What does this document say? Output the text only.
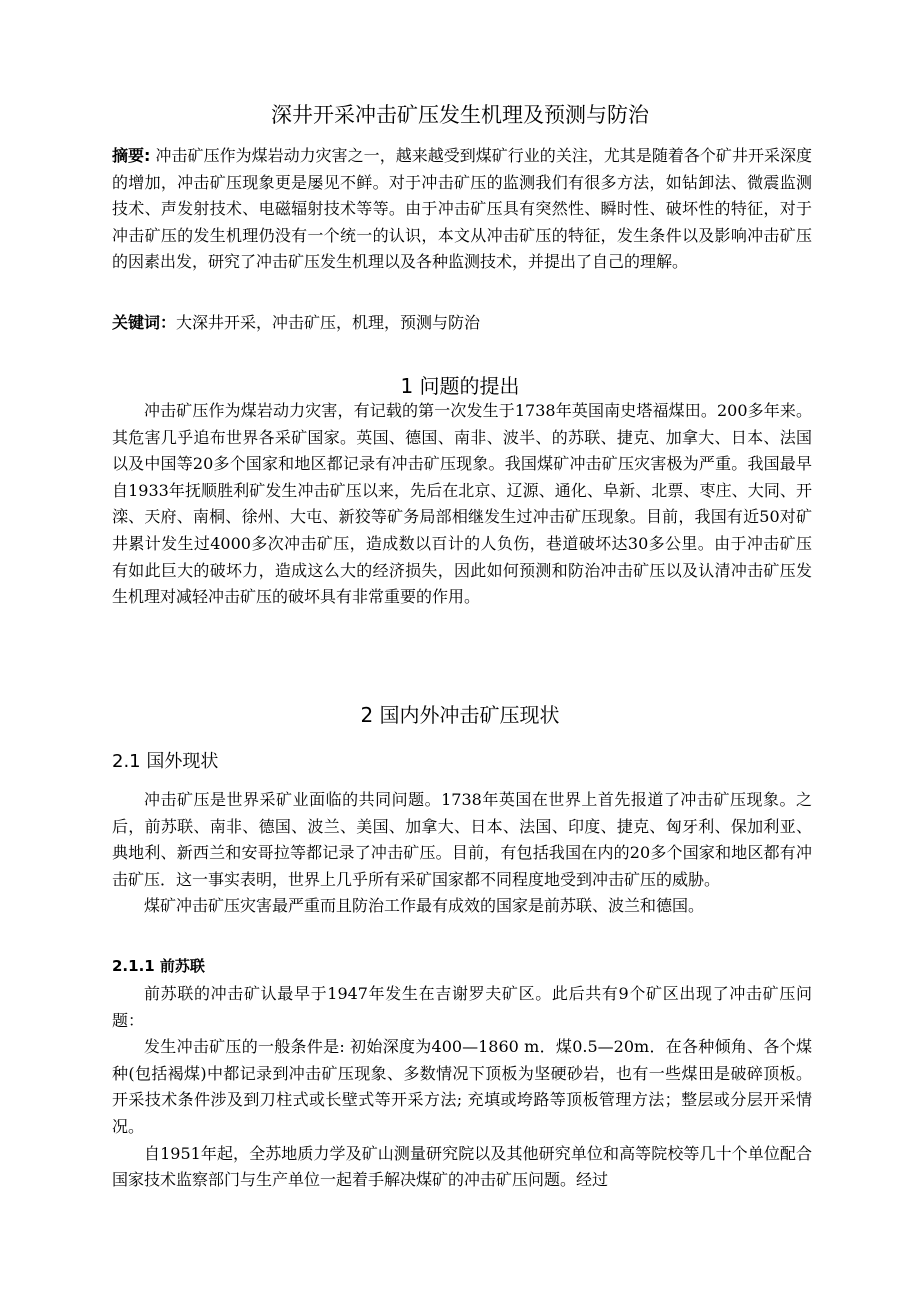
深井开采冲击矿压发生机理及预测与防治
摘要: 冲击矿压作为煤岩动力灾害之一，越来越受到煤矿行业的关注，尤其是随着各个矿井开采深度的增加，冲击矿压现象更是屡见不鲜。对于冲击矿压的监测我们有很多方法，如钻卸法、微震监测技术、声发射技术、电磁辐射技术等等。由于冲击矿压具有突然性、瞬时性、破坏性的特征，对于冲击矿压的发生机理仍没有一个统一的认识，本文从冲击矿压的特征，发生条件以及影响冲击矿压的因素出发，研究了冲击矿压发生机理以及各种监测技术，并提出了自己的理解。
关键词：大深井开采，冲击矿压，机理，预测与防治
1 问题的提出

冲击矿压作为煤岩动力灾害，有记载的第一次发生于1738年英国南史塔福煤田。200多年来。其危害几乎追布世界各采矿国家。英国、德国、南非、波半、的苏联、捷克、加拿大、日本、法国以及中国等20多个国家和地区都记录有冲击矿压现象。我国煤矿冲击矿压灾害极为严重。我国最早自1933年抚顺胜利矿发生冲击矿压以来，先后在北京、辽源、通化、阜新、北票、枣庄、大同、开滦、天府、南桐、徐州、大屯、新狡等矿务局部相继发生过冲击矿压现象。目前，我国有近50对矿井累计发生过4000多次冲击矿压，造成数以百计的人负伤，巷道破坏达30多公里。由于冲击矿压有如此巨大的破坏力，造成这么大的经济损失，因此如何预测和防治冲击矿压以及认清冲击矿压发生机理对减轻冲击矿压的破坏具有非常重要的作用。

2 国内外冲击矿压现状
2.1 国外现状

冲击矿压是世界采矿业面临的共同问题。1738年英国在世界上首先报道了冲击矿压现象。之后，前苏联、南非、德国、波兰、美国、加拿大、日本、法国、印度、捷克、匈牙利、保加利亚、典地利、新西兰和安哥拉等都记录了冲击矿压。目前，有包括我国在内的20多个国家和地区都有冲击矿压．这一事实表明，世界上几乎所有采矿国家都不同程度地受到冲击矿压的威胁。

煤矿冲击矿压灾害最严重而且防治工作最有成效的国家是前苏联、波兰和德国。

2.1.1 前苏联

前苏联的冲击矿认最早于1947年发生在吉谢罗夫矿区。此后共有9个矿区出现了冲击矿压问题：

发生冲击矿压的一般条件是: 初始深度为400—1860 m．煤0.5—20m．在各种倾角、各个煤种(包括褐煤)中都记录到冲击矿压现象、多数情况下顶板为坚硬砂岩，也有一些煤田是破碎顶板。开采技术条件涉及到刀柱式或长壁式等开采方法; 充填或垮路等顶板管理方法；整层或分层开采情况。

自1951年起，全苏地质力学及矿山测量研究院以及其他研究单位和高等院校等几十个单位配合国家技术监察部门与生产单位一起着手解决煤矿的冲击矿压问题。经过
